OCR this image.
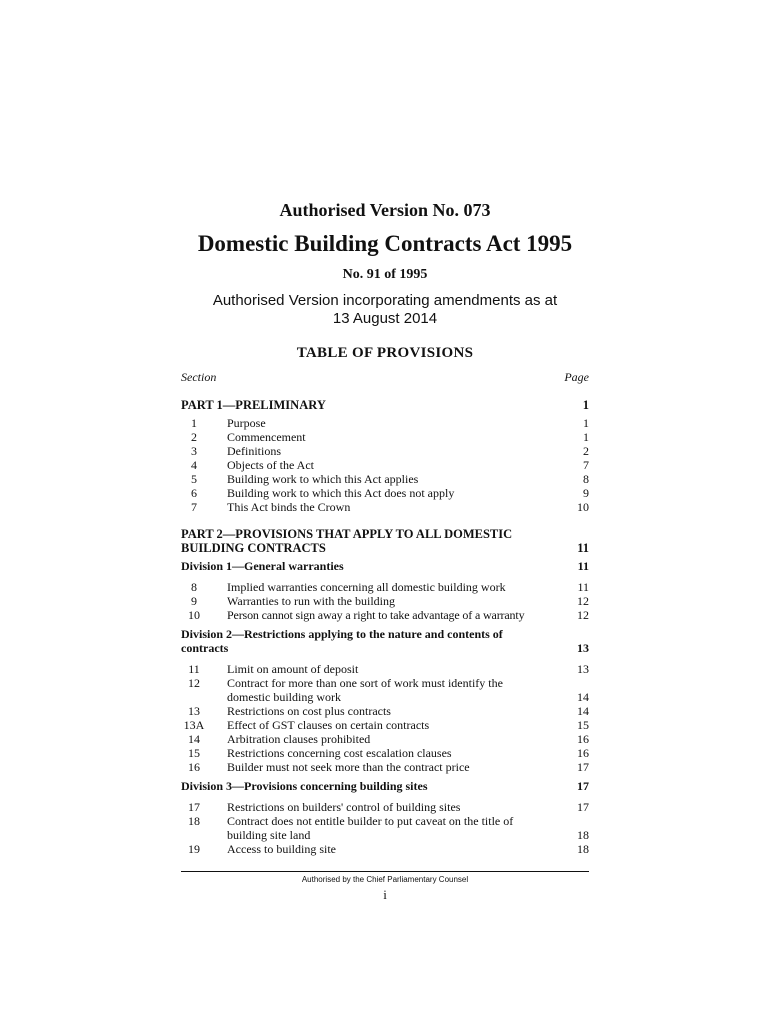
Authorised Version No. 073
Domestic Building Contracts Act 1995
No. 91 of 1995
Authorised Version incorporating amendments as at
13 August 2014
TABLE OF PROVISIONS
Section	Page
PART 1—PRELIMINARY	1
1	Purpose	1
2	Commencement	1
3	Definitions	2
4	Objects of the Act	7
5	Building work to which this Act applies	8
6	Building work to which this Act does not apply	9
7	This Act binds the Crown	10
PART 2—PROVISIONS THAT APPLY TO ALL DOMESTIC
BUILDING CONTRACTS	11
Division 1—General warranties	11
8	Implied warranties concerning all domestic building work	11
9	Warranties to run with the building	12
10	Person cannot sign away a right to take advantage of a warranty	12
Division 2—Restrictions applying to the nature and contents of
contracts	13
11	Limit on amount of deposit	13
12	Contract for more than one sort of work must identify the
domestic building work	14
13	Restrictions on cost plus contracts	14
13A	Effect of GST clauses on certain contracts	15
14	Arbitration clauses prohibited	16
15	Restrictions concerning cost escalation clauses	16
16	Builder must not seek more than the contract price	17
Division 3—Provisions concerning building sites	17
17	Restrictions on builders' control of building sites	17
18	Contract does not entitle builder to put caveat on the title of
building site land	18
19	Access to building site	18
Authorised by the Chief Parliamentary Counsel
i
